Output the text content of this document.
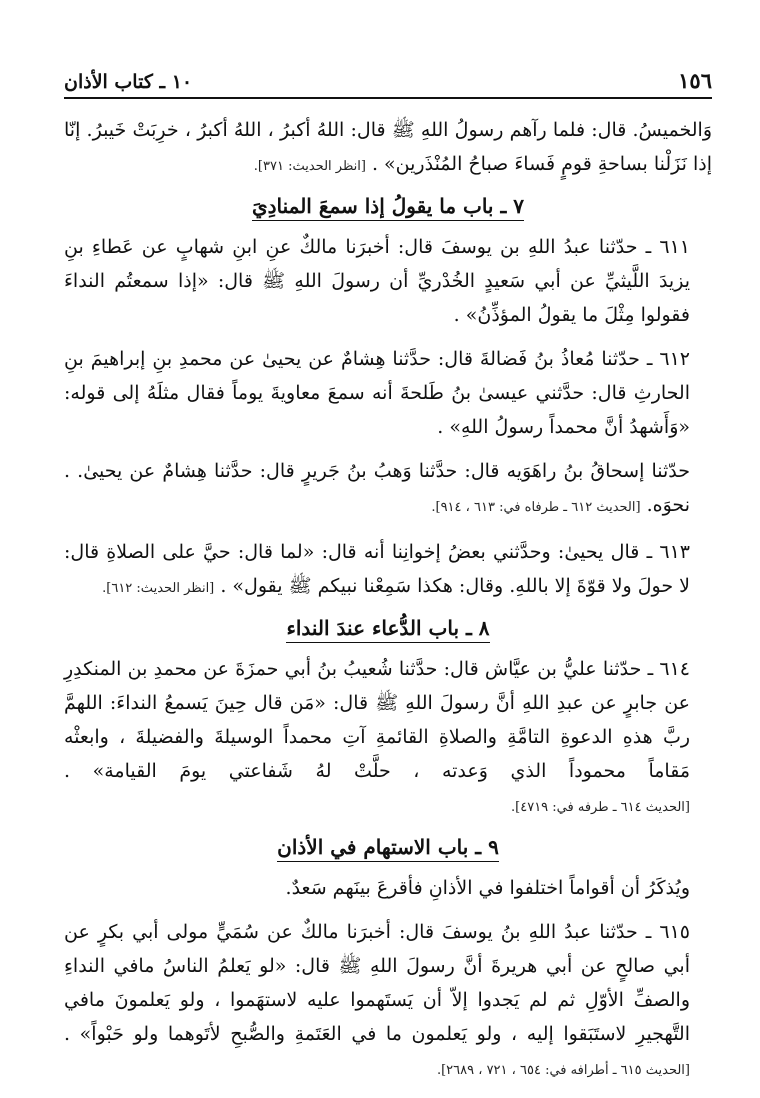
١٥٦
١٠ ـ كتاب الأذان

وَالخميسُ. قال: فلما رآهم رسولُ اللهِ ﷺ قال: اللهُ أكبرُ ، اللهُ أكبرُ ، خرِبَتْ خَيبرُ. إنّا إذا نَزَلْنا بساحةِ قومٍ فَساءَ صباحُ المُنْذَرين» . [انظر الحديث: ٣٧١].

٧ ـ باب ما يقولُ إذا سمعَ المنادِيَ

٦١١ ـ حدّثنا عبدُ اللهِ بن يوسفَ قال: أخبرَنا مالكٌ عنِ ابنِ شهابٍ عن عَطاءِ بنِ يزيدَ اللَّيثيِّ عن أبي سَعيدٍ الخُدْريِّ أن رسولَ اللهِ ﷺ قال: «إذا سمعتُم النداءَ فقولوا مِثْلَ ما يقولُ المؤذِّنُ» .

٦١٢ ـ حدّثنا مُعاذُ بنُ فَضالةَ قال: حدَّثنا هِشامٌ عن يحيىٰ عن محمدِ بنِ إبراهيمَ بنِ الحارثِ قال: حدَّثني عيسىٰ بنُ طَلحةَ أنه سمعَ معاويةَ يوماً فقال مثلَهُ إلى قوله: «وَأَشهدُ أنَّ محمداً رسولُ اللهِ» .

حدّثنا إسحاقُ بنُ راهَوَيه قال: حدَّثنا وَهبُ بنُ جَريرٍ قال: حدَّثنا هِشامٌ عن يحيىٰ. . نحوَه. [الحديث ٦١٢ ـ طرفاه في: ٦١٣ ، ٩١٤].

٦١٣ ـ قال يحيىٰ: وحدَّثني بعضُ إخوانِنا أنه قال: «لما قال: حيَّ على الصلاةِ قال: لا حولَ ولا قوّةَ إلا باللهِ. وقال: هكذا سَمِعْنا نبيكم ﷺ يقول» . [انظر الحديث: ٦١٢].

٨ ـ باب الدُّعاء عندَ النداء

٦١٤ ـ حدّثنا عليُّ بن عيَّاش قال: حدَّثنا شُعيبُ بنُ أبي حمزَةَ عن محمدِ بن المنكدِرِ عن جابرٍ عن عبدِ اللهِ أنَّ رسولَ اللهِ ﷺ قال: «مَن قال حِينَ يَسمعُ النداءَ: اللهمَّ ربَّ هذهِ الدعوةِ التامَّةِ والصلاةِ القائمةِ آتِ محمداً الوسيلةَ والفضيلةَ ، وابعثْه مَقاماً محموداً الذي وَعدته ، حلَّتْ لهُ شَفاعتي يومَ القيامة» . [الحديث ٦١٤ ـ طرفه في: ٤٧١٩].

٩ ـ باب الاستهام في الأذان

ويُذكَرُ أن أقواماً اختلفوا في الأذانِ فأقرعَ بينَهم سَعدٌ.

٦١٥ ـ حدّثنا عبدُ اللهِ بنُ يوسفَ قال: أخبرَنا مالكٌ عن سُمَيٍّ مولى أبي بكرٍ عن أبي صالحٍ عن أبي هريرةَ أنَّ رسولَ اللهِ ﷺ قال: «لو يَعلمُ الناسُ مافي النداءِ والصفِّ الأوّلِ ثم لم يَجدوا إلاّ أن يَستَهموا عليه لاستهَموا ، ولو يَعلمونَ مافي التَّهجيرِ لاستَبَقوا إليه ، ولو يَعلمون ما في العَتَمةِ والصُّبحِ لأتَوهما ولو حَبْواً» . [الحديث ٦١٥ ـ أطرافه في: ٦٥٤ ، ٧٢١ ، ٢٦٨٩].
